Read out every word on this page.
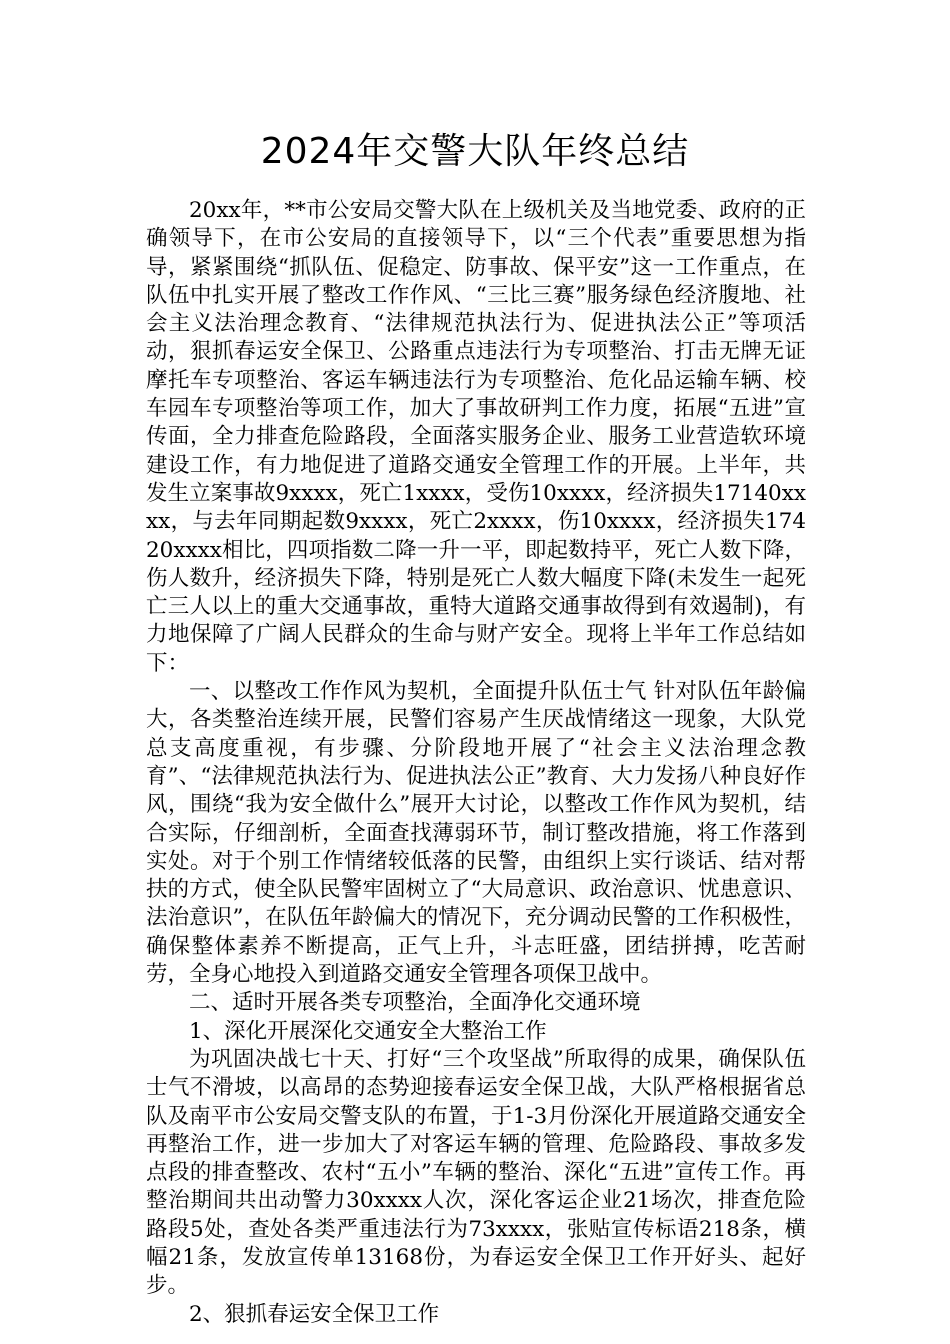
2024年交警大队年终总结

20xx年，**市公安局交警大队在上级机关及当地党委、政府的正确领导下，在市公安局的直接领导下，以“三个代表”重要思想为指导，紧紧围绕“抓队伍、促稳定、防事故、保平安”这一工作重点，在队伍中扎实开展了整改工作作风、“三比三赛”服务绿色经济腹地、社会主义法治理念教育、“法律规范执法行为、促进执法公正”等项活动，狠抓春运安全保卫、公路重点违法行为专项整治、打击无牌无证摩托车专项整治、客运车辆违法行为专项整治、危化品运输车辆、校车园车专项整治等项工作，加大了事故研判工作力度，拓展“五进”宣传面，全力排查危险路段，全面落实服务企业、服务工业营造软环境建设工作，有力地促进了道路交通安全管理工作的开展。上半年，共发生立案事故9xxxx，死亡1xxxx，受伤10xxxx，经济损失17140xxxx，与去年同期起数9xxxx，死亡2xxxx，伤10xxxx，经济损失17420xxxx相比，四项指数二降一升一平，即起数持平，死亡人数下降，伤人数升，经济损失下降，特别是死亡人数大幅度下降(未发生一起死亡三人以上的重大交通事故，重特大道路交通事故得到有效遏制)，有力地保障了广阔人民群众的生命与财产安全。现将上半年工作总结如下：

一、以整改工作作风为契机，全面提升队伍士气 针对队伍年龄偏大，各类整治连续开展，民警们容易产生厌战情绪这一现象，大队党总支高度重视，有步骤、分阶段地开展了“社会主义法治理念教育”、“法律规范执法行为、促进执法公正”教育、大力发扬八种良好作风，围绕“我为安全做什么”展开大讨论，以整改工作作风为契机，结合实际，仔细剖析，全面查找薄弱环节，制订整改措施，将工作落到实处。对于个别工作情绪较低落的民警，由组织上实行谈话、结对帮扶的方式，使全队民警牢固树立了“大局意识、政治意识、忧患意识、法治意识”，在队伍年龄偏大的情况下，充分调动民警的工作积极性，确保整体素养不断提高，正气上升，斗志旺盛，团结拼搏，吃苦耐劳，全身心地投入到道路交通安全管理各项保卫战中。

二、适时开展各类专项整治，全面净化交通环境

1、深化开展深化交通安全大整治工作

为巩固决战七十天、打好“三个攻坚战”所取得的成果，确保队伍士气不滑坡，以高昂的态势迎接春运安全保卫战，大队严格根据省总队及南平市公安局交警支队的布置，于1-3月份深化开展道路交通安全再整治工作，进一步加大了对客运车辆的管理、危险路段、事故多发点段的排查整改、农村“五小”车辆的整治、深化“五进”宣传工作。再整治期间共出动警力30xxxx人次，深化客运企业21场次，排查危险路段5处，查处各类严重违法行为73xxxx，张贴宣传标语218条，横幅21条，发放宣传单13168份，为春运安全保卫工作开好头、起好步。

2、狠抓春运安全保卫工作
